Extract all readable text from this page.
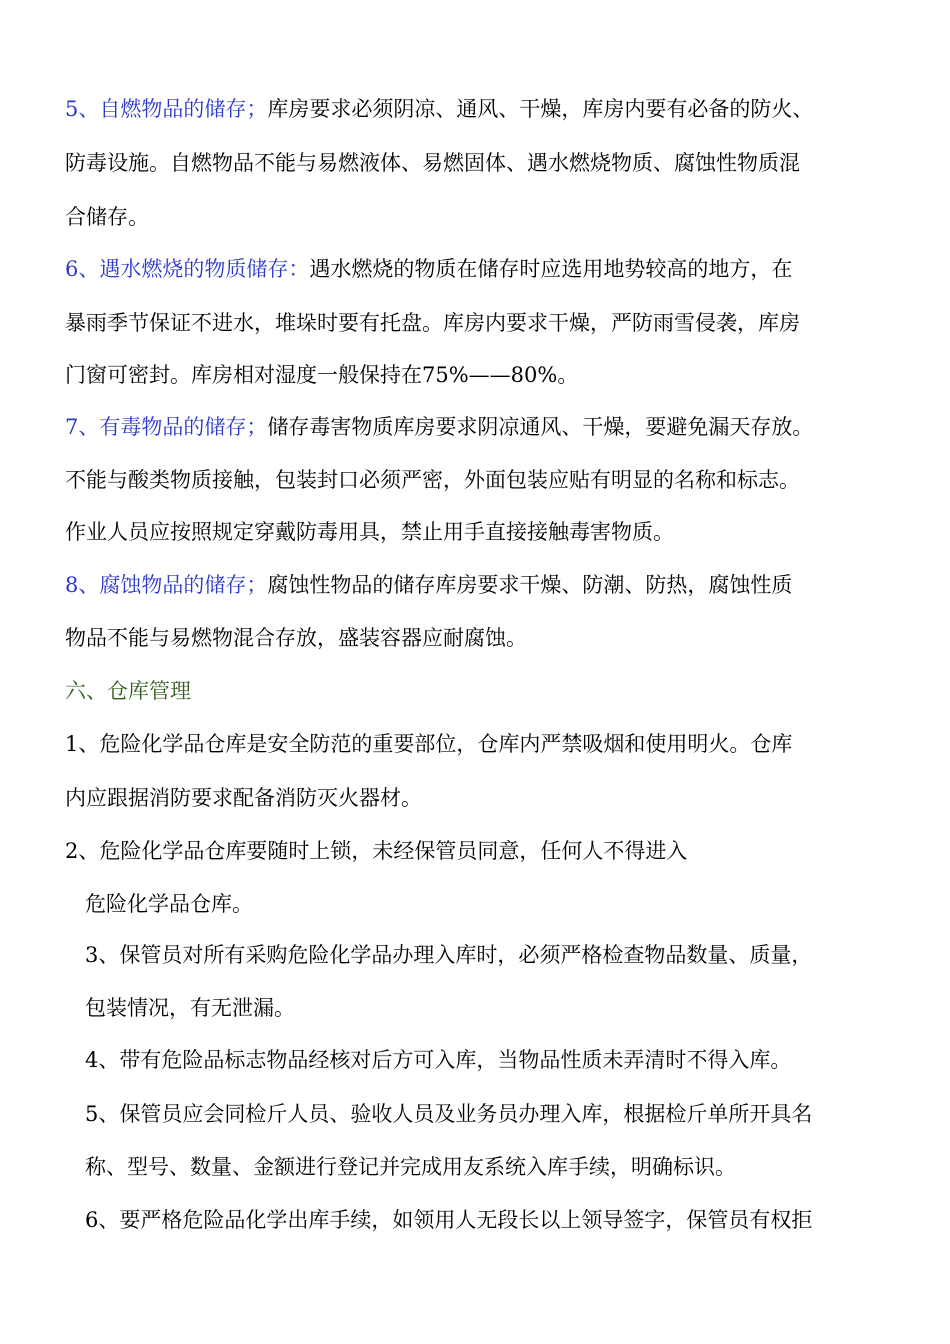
5、自燃物品的储存；库房要求必须阴凉、通风、干燥，库房内要有必备的防火、
防毒设施。自燃物品不能与易燃液体、易燃固体、遇水燃烧物质、腐蚀性物质混
合储存。
6、遇水燃烧的物质储存：遇水燃烧的物质在储存时应选用地势较高的地方，在
暴雨季节保证不进水，堆垛时要有托盘。库房内要求干燥，严防雨雪侵袭，库房
门窗可密封。库房相对湿度一般保持在75%——80%。
7、有毒物品的储存；储存毒害物质库房要求阴凉通风、干燥，要避免漏天存放。
不能与酸类物质接触，包装封口必须严密，外面包装应贴有明显的名称和标志。
作业人员应按照规定穿戴防毒用具，禁止用手直接接触毒害物质。
8、腐蚀物品的储存；腐蚀性物品的储存库房要求干燥、防潮、防热，腐蚀性质
物品不能与易燃物混合存放，盛装容器应耐腐蚀。
六、仓库管理
1、危险化学品仓库是安全防范的重要部位，仓库内严禁吸烟和使用明火。仓库
内应跟据消防要求配备消防灭火器材。
2、危险化学品仓库要随时上锁，未经保管员同意，任何人不得进入
危险化学品仓库。
3、保管员对所有采购危险化学品办理入库时，必须严格检查物品数量、质量，
包装情况，有无泄漏。
4、带有危险品标志物品经核对后方可入库，当物品性质未弄清时不得入库。
5、保管员应会同检斤人员、验收人员及业务员办理入库，根据检斤单所开具名
称、型号、数量、金额进行登记并完成用友系统入库手续，明确标识。
6、要严格危险品化学出库手续，如领用人无段长以上领导签字，保管员有权拒
